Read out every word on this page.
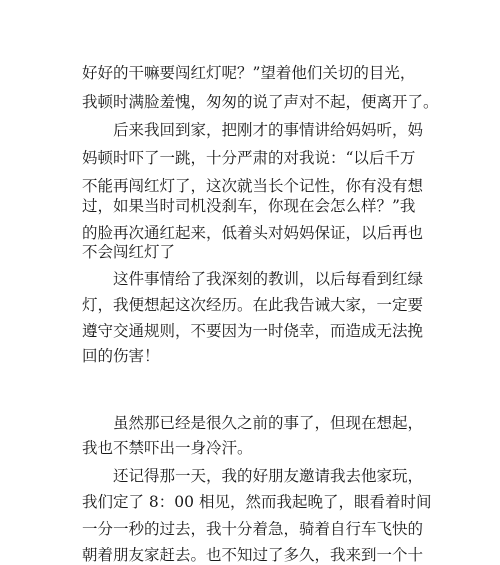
好好的干嘛要闯红灯呢？”望着他们关切的目光，
我顿时满脸羞愧，匆匆的说了声对不起，便离开了。
后来我回到家，把刚才的事情讲给妈妈听，妈
妈顿时吓了一跳，十分严肃的对我说：“以后千万
不能再闯红灯了，这次就当长个记性，你有没有想
过，如果当时司机没刹车，你现在会怎么样？”我
的脸再次通红起来，低着头对妈妈保证，以后再也
不会闯红灯了
这件事情给了我深刻的教训，以后每看到红绿
灯，我便想起这次经历。在此我告诫大家，一定要
遵守交通规则，不要因为一时侥幸，而造成无法挽
回的伤害！
虽然那已经是很久之前的事了，但现在想起，
我也不禁吓出一身冷汗。
还记得那一天，我的好朋友邀请我去他家玩，
我们定了 8：00 相见，然而我起晚了，眼看着时间
一分一秒的过去，我十分着急，骑着自行车飞快的
朝着朋友家赶去。也不知过了多久，我来到一个十
